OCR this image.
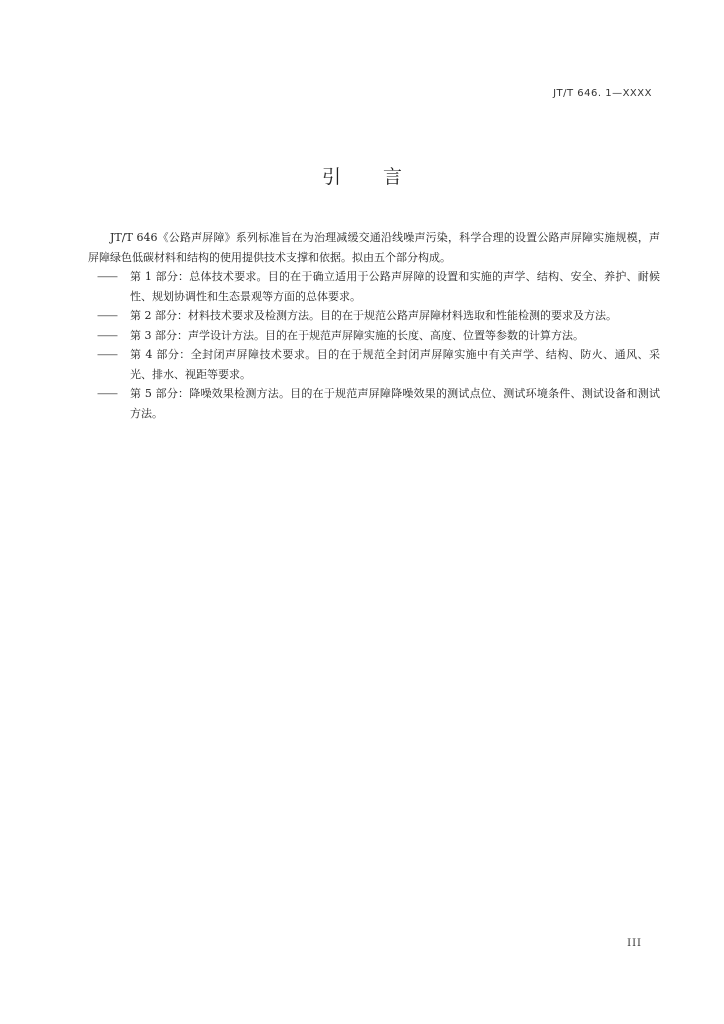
JT/T 646. 1—XXXX
引 言

JT/T 646《公路声屏障》系列标准旨在为治理减缓交通沿线噪声污染，科学合理的设置公路声屏障实施规模，声屏障绿色低碳材料和结构的使用提供技术支撑和依据。拟由五个部分构成。

—— 第 1 部分：总体技术要求。目的在于确立适用于公路声屏障的设置和实施的声学、结构、安全、养护、耐候性、规划协调性和生态景观等方面的总体要求。
—— 第 2 部分：材料技术要求及检测方法。目的在于规范公路声屏障材料选取和性能检测的要求及方法。
—— 第 3 部分：声学设计方法。目的在于规范声屏障实施的长度、高度、位置等参数的计算方法。
—— 第 4 部分：全封闭声屏障技术要求。目的在于规范全封闭声屏障实施中有关声学、结构、防火、通风、采光、排水、视距等要求。
—— 第 5 部分：降噪效果检测方法。目的在于规范声屏障降噪效果的测试点位、测试环境条件、测试设备和测试方法。
III
